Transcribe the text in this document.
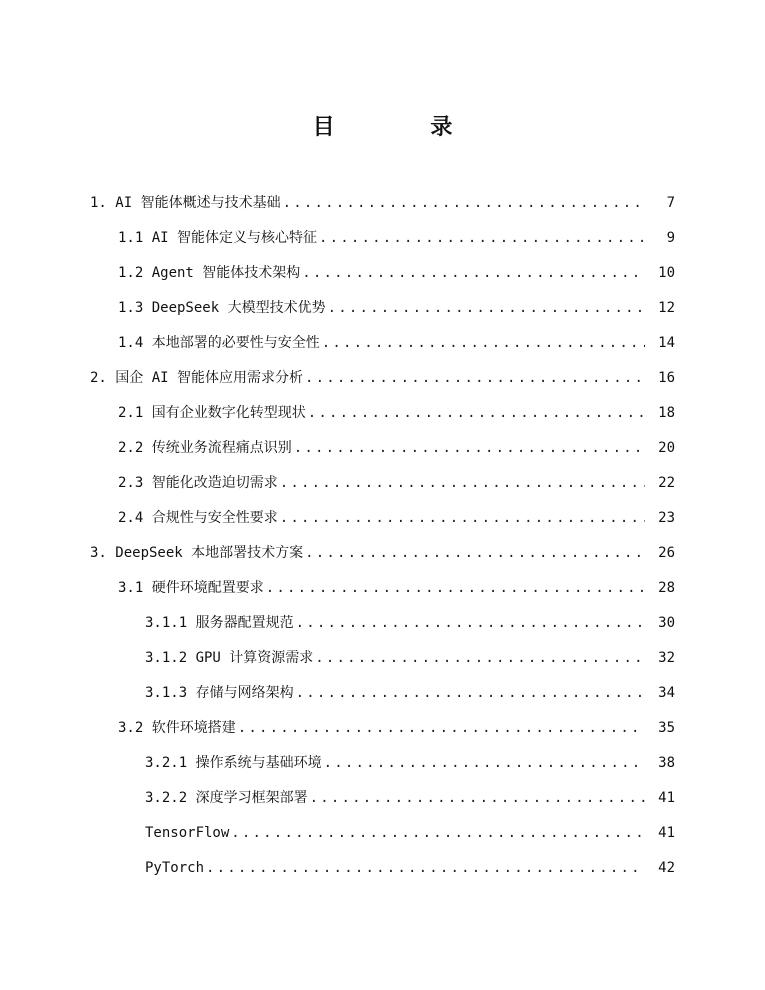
目 录
1. AI 智能体概述与技术基础 .....	7
1.1 AI 智能体定义与核心特征 .....	9
1.2 Agent 智能体技术架构 .....	10
1.3 DeepSeek 大模型技术优势 .....	12
1.4 本地部署的必要性与安全性 .....	14
2. 国企 AI 智能体应用需求分析 .....	16
2.1 国有企业数字化转型现状 .....	18
2.2 传统业务流程痛点识别 .....	20
2.3 智能化改造迫切需求 .....	22
2.4 合规性与安全性要求 .....	23
3. DeepSeek 本地部署技术方案 .....	26
3.1 硬件环境配置要求 .....	28
3.1.1 服务器配置规范 .....	30
3.1.2 GPU 计算资源需求 .....	32
3.1.3 存储与网络架构 .....	34
3.2 软件环境搭建 .....	35
3.2.1 操作系统与基础环境 .....	38
3.2.2 深度学习框架部署 .....	41
TensorFlow .....	41
PyTorch .....	42
